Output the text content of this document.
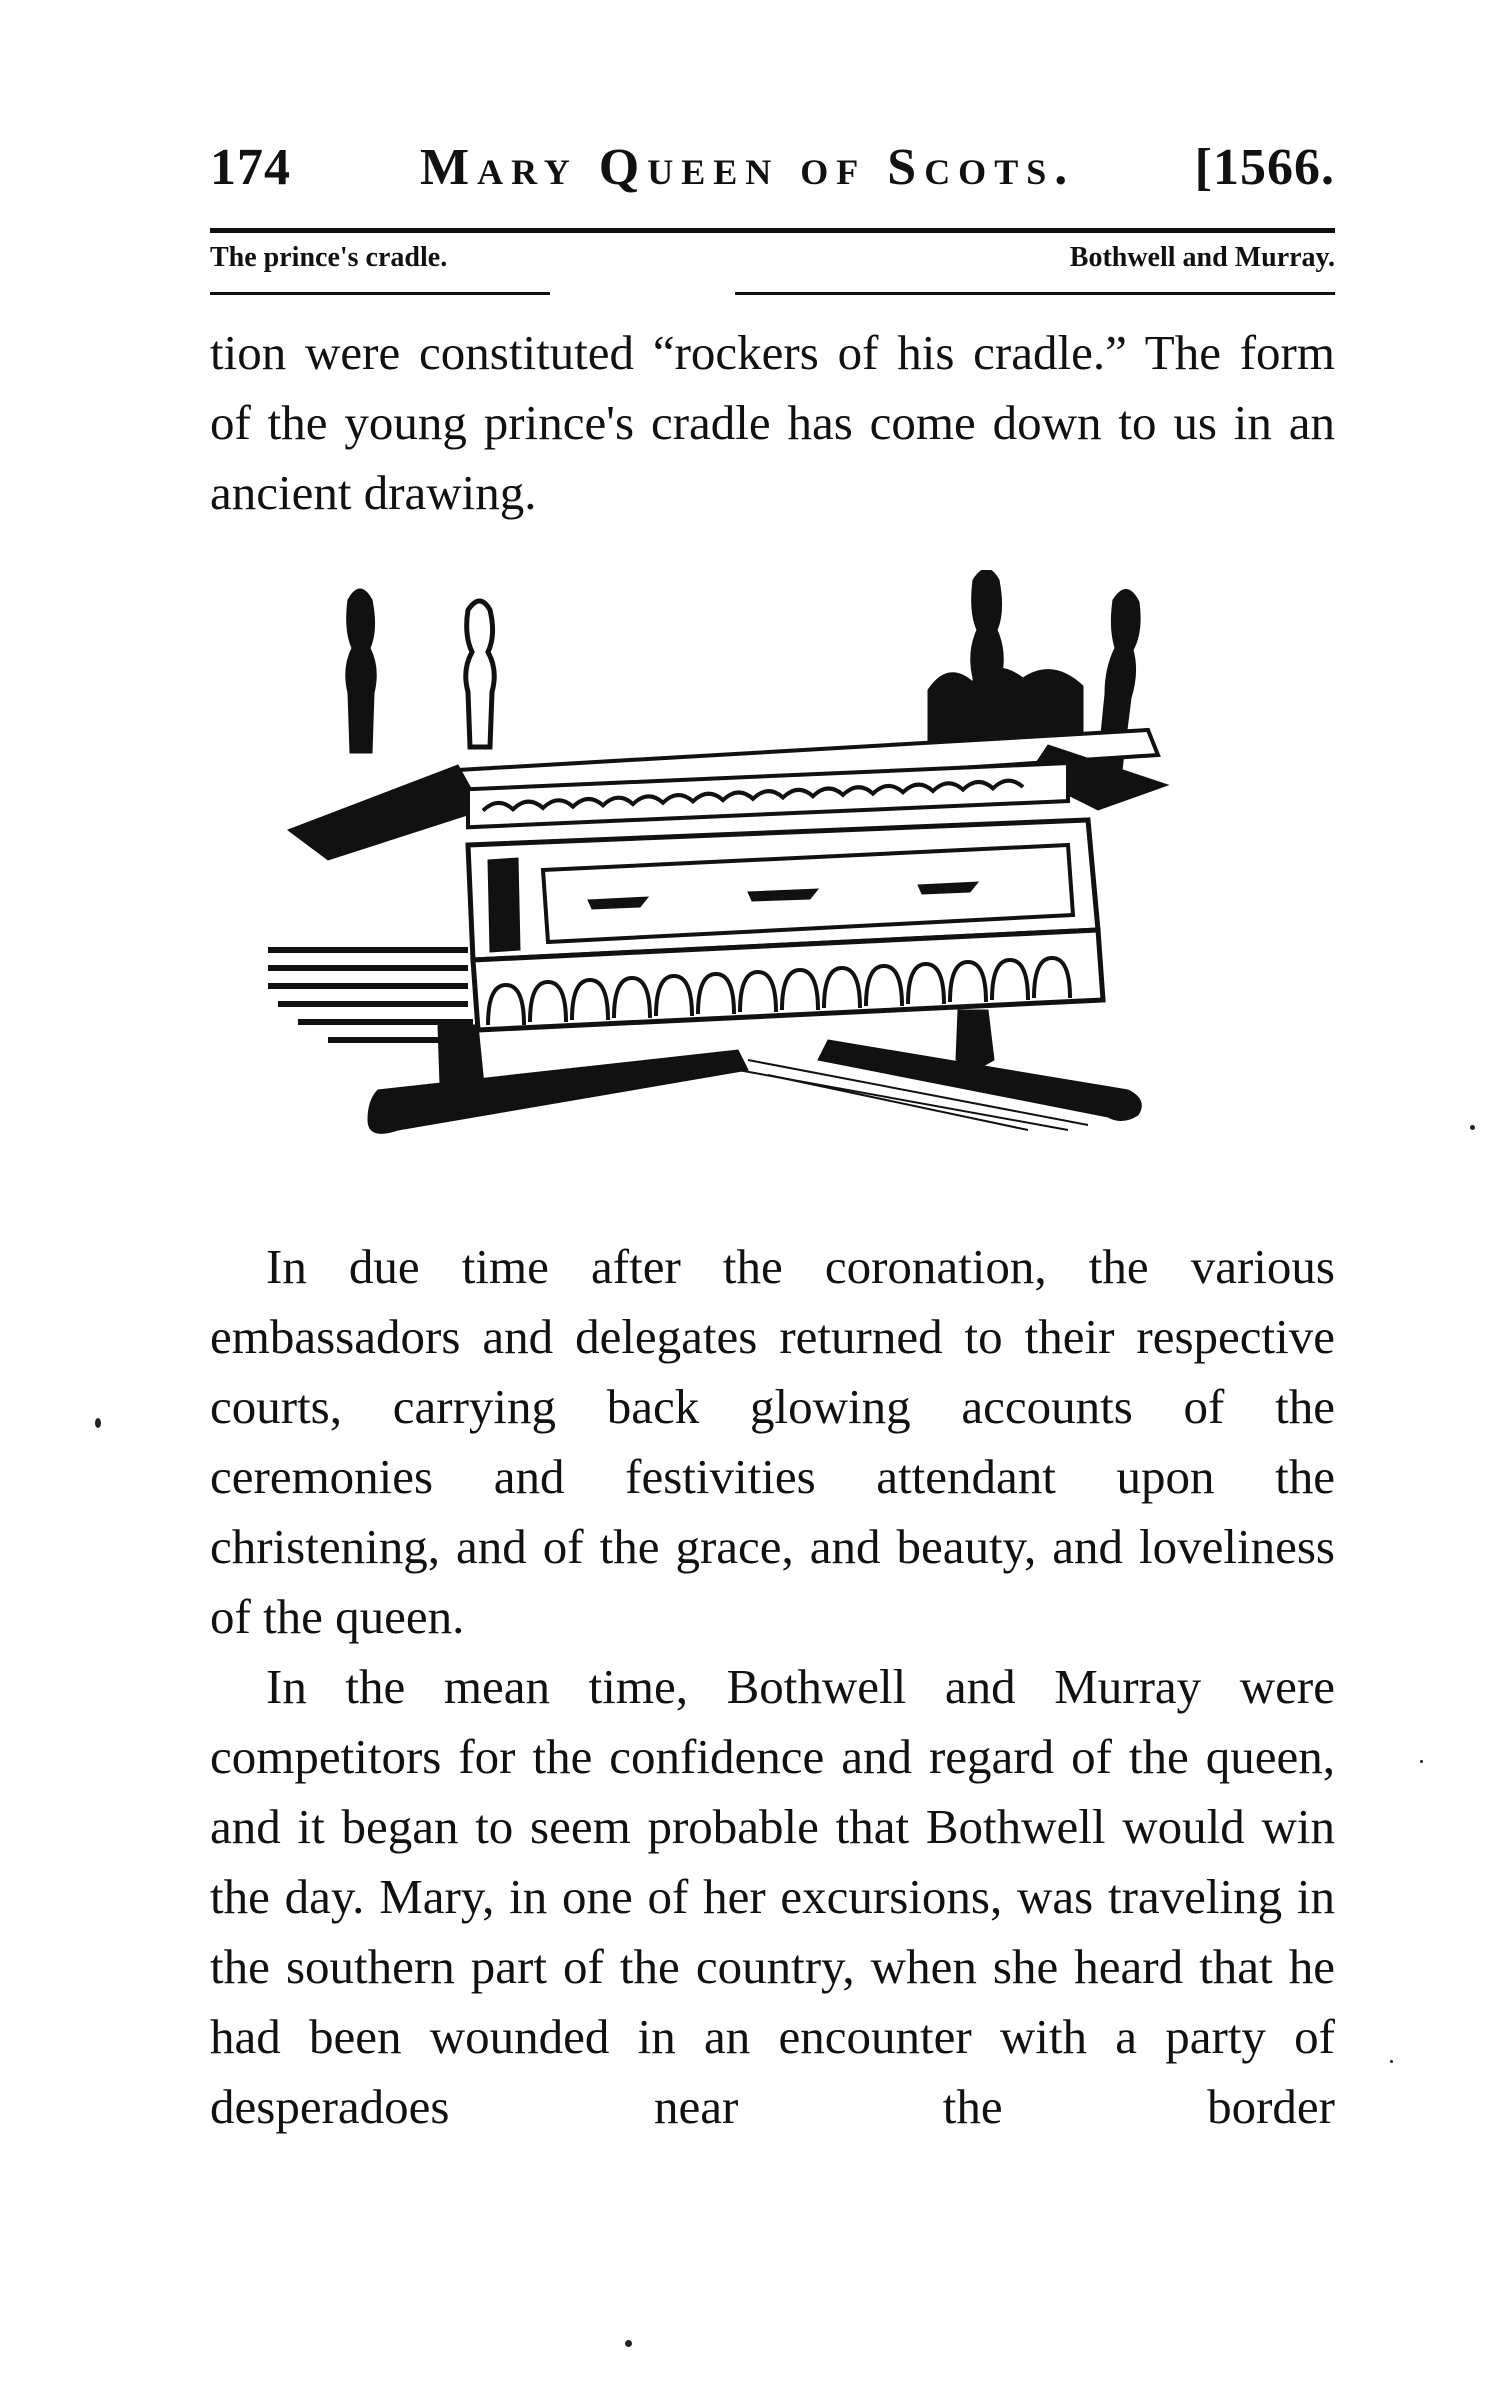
174 Mary Queen of Scots. [1566.
The prince's cradle.	Bothwell and Murray.

tion were constituted “rockers of his cradle.” The form of the young prince's cradle has come down to us in an ancient drawing.

In due time after the coronation, the various embassadors and delegates returned to their respective courts, carrying back glowing accounts of the ceremonies and festivities attendant upon the christening, and of the grace, and beauty, and loveliness of the queen.

In the mean time, Bothwell and Murray were competitors for the confidence and regard of the queen, and it began to seem probable that Bothwell would win the day. Mary, in one of her excursions, was traveling in the southern part of the country, when she heard that he had been wounded in an encounter with a party of desperadoes near the border
